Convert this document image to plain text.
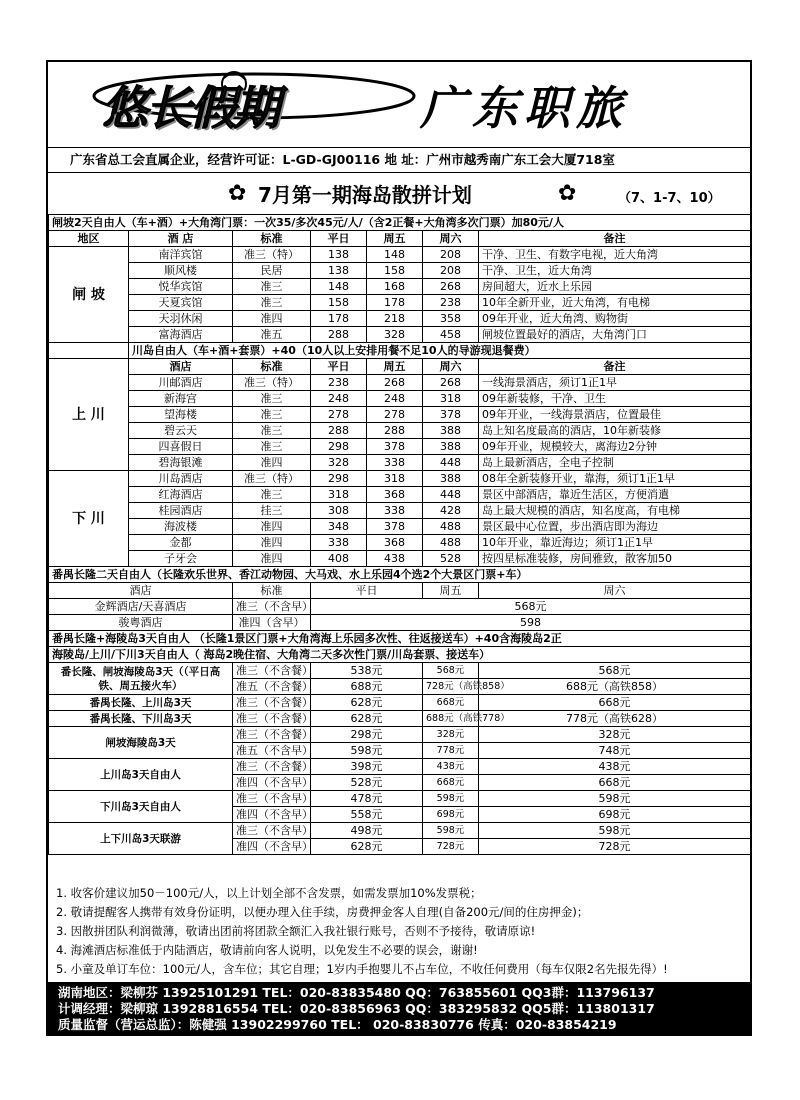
悠长假期	广东职旅
广东省总工会直属企业，经营许可证：L-GD-GJ00116 地 址：广州市越秀南广东工会大厦718室
✿ 7月第一期海岛散拼计划	✿	（7、1-7、10）
闸坡2天自由人（车+酒）+大角湾门票：一次35/多次45元/人/（含2正餐+大角湾多次门票）加80元/人						
地区	酒 店	标准	平日	周五	周六	备注
闸 坡	南洋宾馆	准三（特）	138	148	208	干净、卫生、有数字电视，近大角湾
	顺风楼	民居	138	158	208	干净、卫生，近大角湾
	悦华宾馆	准三	148	168	268	房间超大，近水上乐园
	天夏宾馆	准三	158	178	238	10年全新开业，近大角湾，有电梯
	天羽休闲	准四	178	218	358	09年开业，近大角湾、购物街
	富海酒店	准五	288	328	458	闸坡位置最好的酒店，大角湾门口
	川岛自由人（车+酒+套票）+40（10人以上安排用餐不足10人的导游现退餐费）					
上 川	酒店	标准	平日	周五	周六	备注
	川邮酒店	准三（特）	238	268	268	一线海景酒店，须订1正1早
	新海宫	准三	248	248	318	09年新装修，干净、卫生
	望海楼	准三	278	278	378	09年开业，一线海景酒店，位置最佳
	碧云天	准三	288	288	388	岛上知名度最高的酒店，10年新装修
	四喜假日	准三	298	378	388	09年开业，规模较大，离海边2分钟
	碧海银滩	准四	328	338	448	岛上最新酒店，全电子控制
下 川	川岛酒店	准三（特）	298	318	388	08年全新装修开业，靠海，须订1正1早
	红海酒店	准三	318	368	448	景区中部酒店，靠近生活区，方便消遣
	桂园酒店	挂三	308	338	428	岛上最大规模的酒店，知名度高，有电梯
	海波楼	准四	348	378	488	景区最中心位置，步出酒店即为海边
	金都	准四	338	368	488	10年开业，靠近海边；须订1正1早
	子牙会	准四	408	438	528	按四星标准装修，房间雅致，散客加50
番禺长隆二天自由人（长隆欢乐世界、香江动物园、大马戏、水上乐园4个选2个大景区门票+车）						
酒店		标准	平日		周五	周六
金辉酒店/天喜酒店		准三（不含早）	568元			
骏粤酒店		准四（含早）	598			
番禺长隆+海陵岛3天自由人 （长隆1景区门票+大角湾海上乐园多次性、往返接送车）+40含海陵岛2正						
海陵岛/上川/下川3天自由人（ 海岛2晚住宿、大角湾二天多次性门票/川岛套票、接送车）						
番长隆、闸坡海陵岛3天（（平日高铁、周五接火车）		准三（不含餐）	538元		568元	568元
		准五（不含餐）	688元		728元（高铁858）	688元（高铁858）
番禺长隆、上川岛3天		准三（不含餐）	628元		668元	668元
番禺长隆、下川岛3天		准三（不含餐）	628元		688元（高铁778）	778元（高铁628）
闸坡海陵岛3天		准三（不含餐）	298元		328元	328元
		准五（不含早）	598元		778元	748元
上川岛3天自由人		准三（不含餐）	398元		438元	438元
		准四（不含早）	528元		668元	668元
下川岛3天自由人		准三（不含早）	478元		598元	598元
		准四（不含早）	558元		698元	698元
上下川岛3天联游		准三（不含早）	498元		598元	598元
		准四（不含早）	628元		728元	728元
1. 收客价建议加50－100元/人，以上计划全部不含发票，如需发票加10%发票税；
2. 敬请提醒客人携带有效身份证明，以便办理入住手续，房费押金客人自理(自备200元/间的住房押金)；
3. 因散拼团队利润微薄，敬请出团前将团款全额汇入我社银行账号，否则不予接待，敬请原谅!
4. 海滩酒店标准低于内陆酒店，敬请前向客人说明，以免发生不必要的误会，谢谢!
5. 小童及单订车位：100元/人，含车位；其它自理；1岁内手抱婴儿不占车位，不收任何费用（每车仅限2名先报先得）!
湖南地区：梁柳芬 13925101291 TEL：020-83835480 QQ：763855601 QQ3群：113796137
计调经理：梁柳琼 13928816554 TEL：020-83856963 QQ：383295832 QQ5群：113801317
质量监督（营运总监）：陈健强 13902299760 TEL： 020-83830776 传真：020-83854219
